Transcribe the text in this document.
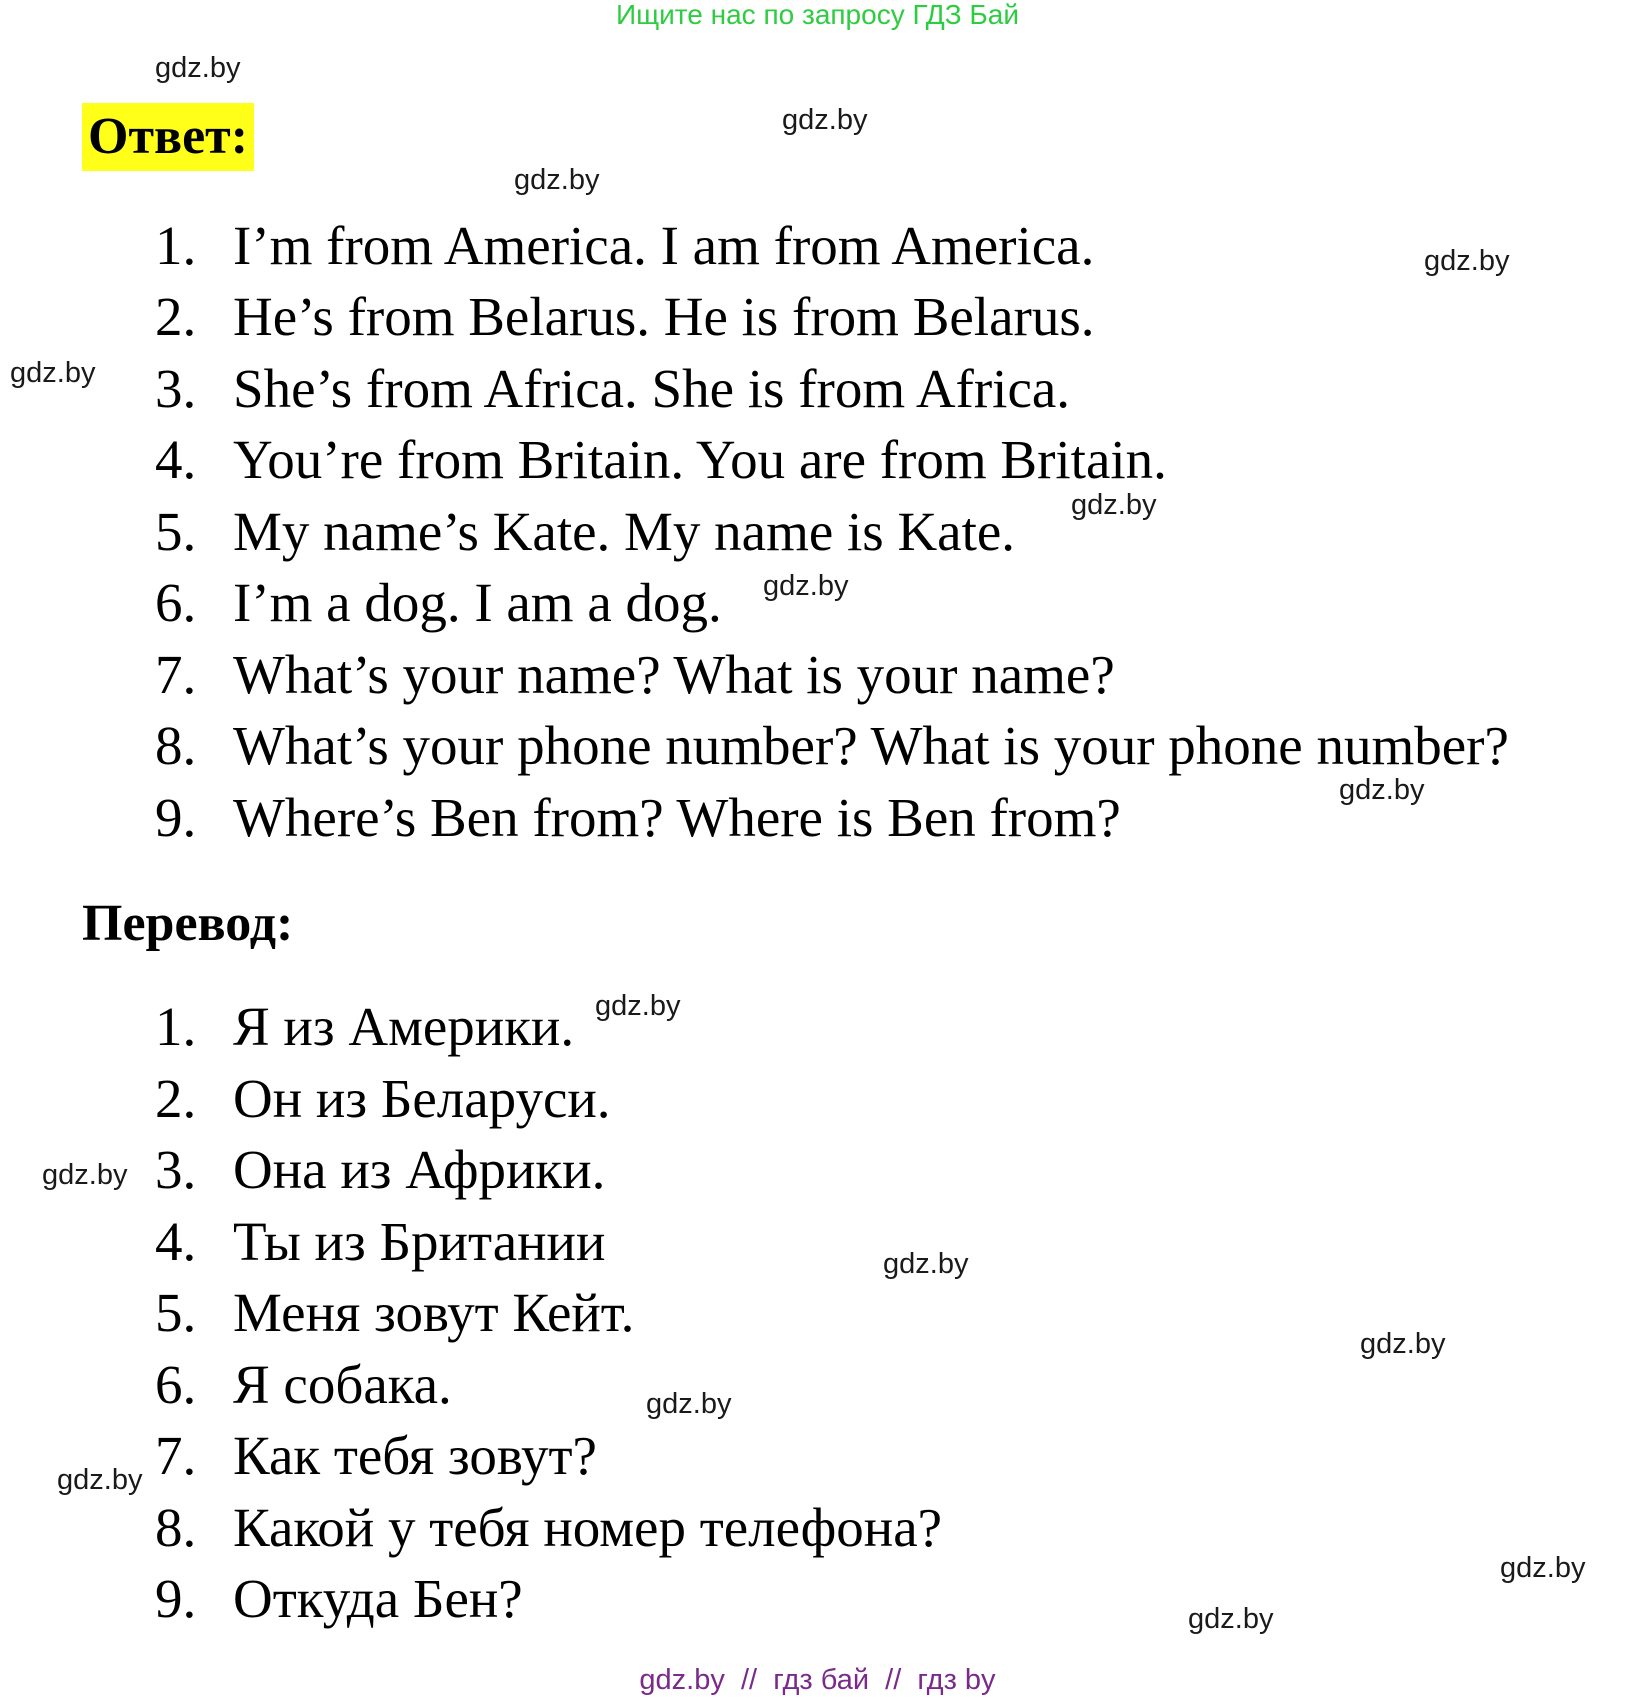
Ищите нас по запросу ГДЗ Бай
Ответ:
1. I’m from America. I am from America.
2. He’s from Belarus. He is from Belarus.
3. She’s from Africa. She is from Africa.
4. You’re from Britain. You are from Britain.
5. My name’s Kate. My name is Kate.
6. I’m a dog. I am a dog.
7. What’s your name? What is your name?
8. What’s your phone number? What is your phone number?
9. Where’s Ben from? Where is Ben from?
Перевод:
1. Я из Америки.
2. Он из Беларуси.
3. Она из Африки.
4. Ты из Британии
5. Меня зовут Кейт.
6. Я собака.
7. Как тебя зовут?
8. Какой у тебя номер телефона?
9. Откуда Бен?
gdz.by
gdz.by
gdz.by
gdz.by
gdz.by
gdz.by
gdz.by
gdz.by
gdz.by
gdz.by
gdz.by
gdz.by
gdz.by
gdz.by
gdz.by
gdz.by
gdz.by  //  гдз бай  //  гдз by
